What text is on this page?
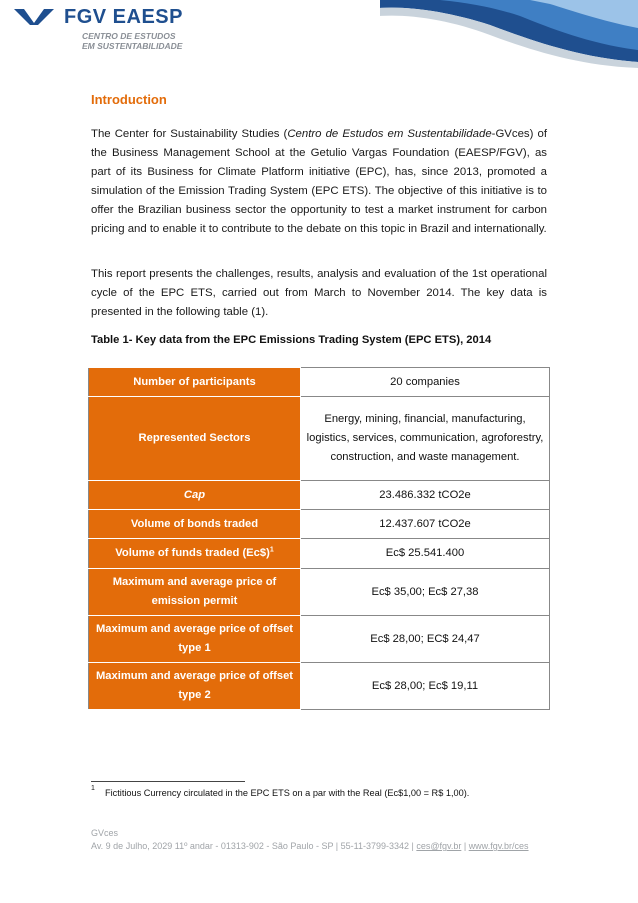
FGV EAESP
CENTRO DE ESTUDOS
EM SUSTENTABILIDADE
Introduction
The Center for Sustainability Studies (Centro de Estudos em Sustentabilidade-GVces) of the Business Management School at the Getulio Vargas Foundation (EAESP/FGV), as part of its Business for Climate Platform initiative (EPC), has, since 2013, promoted a simulation of the Emission Trading System (EPC ETS). The objective of this initiative is to offer the Brazilian business sector the opportunity to test a market instrument for carbon pricing and to enable it to contribute to the debate on this topic in Brazil and internationally.
This report presents the challenges, results, analysis and evaluation of the 1st operational cycle of the EPC ETS, carried out from March to November 2014. The key data is presented in the following table (1).
Table 1- Key data from the EPC Emissions Trading System (EPC ETS), 2014
Number of participants	20 companies
Represented Sectors	Energy, mining, financial, manufacturing, logistics, services, communication, agroforestry, construction, and waste management.
Cap	23.486.332 tCO2e
Volume of bonds traded	12.437.607 tCO2e
Volume of funds traded (Ec$)$^1$	Ec$ 25.541.400
Maximum and average price of emission permit	Ec$ 35,00; Ec$ 27,38
Maximum and average price of offset type 1	Ec$ 28,00; EC$ 24,47
Maximum and average price of offset type 2	Ec$ 28,00; Ec$ 19,11
1 Fictitious Currency circulated in the EPC ETS on a par with the Real (Ec$1,00 = R$ 1,00).
GVces
Av. 9 de Julho, 2029 11º andar - 01313-902 - São Paulo - SP | 55-11-3799-3342 | ces@fgv.br | www.fgv.br/ces
